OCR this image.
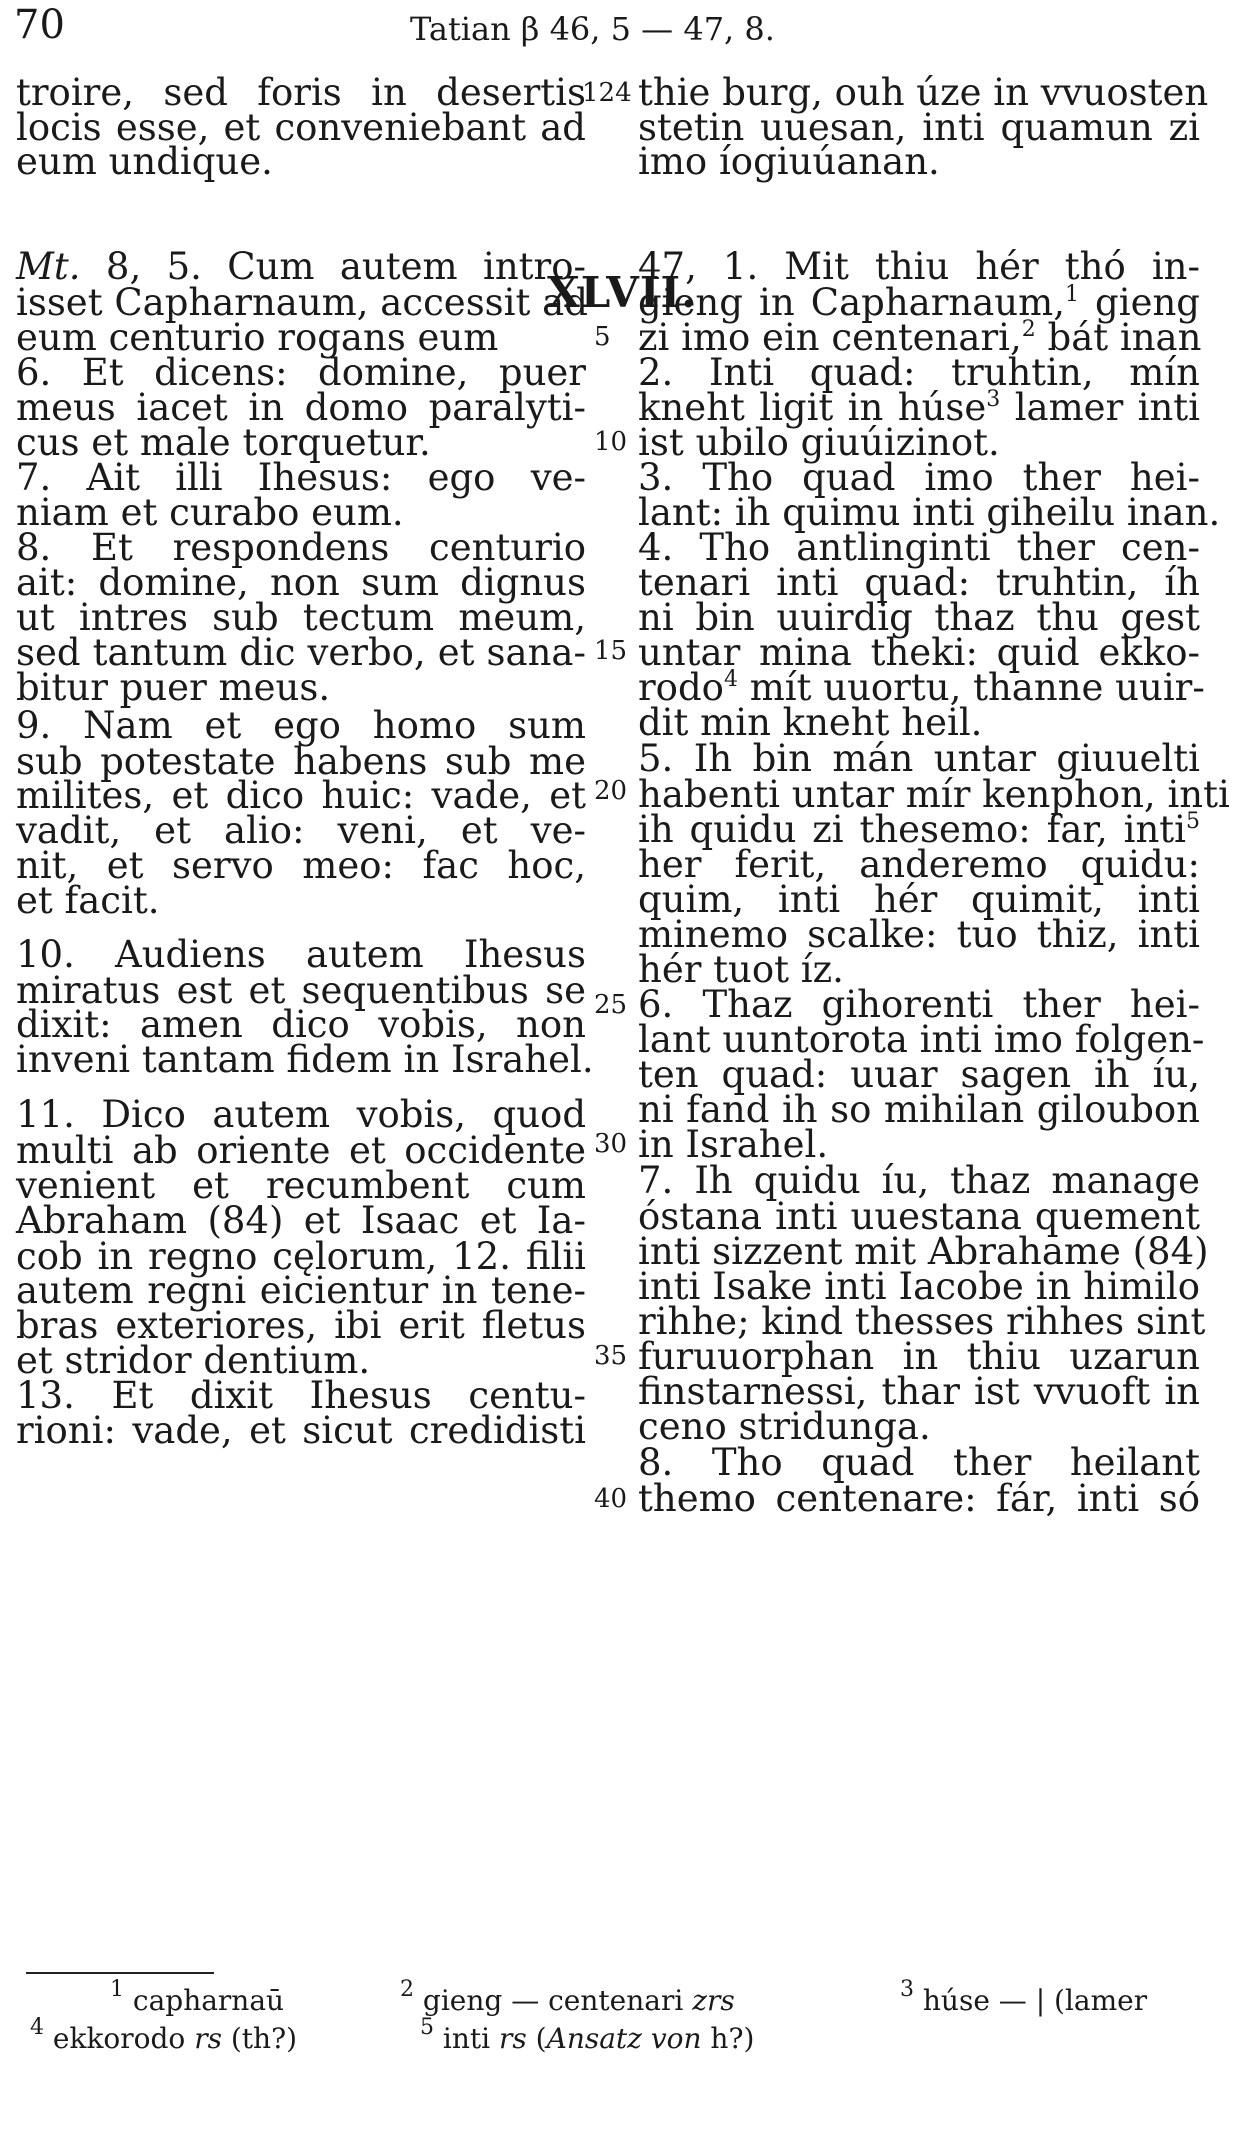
70	Tatian β 46, 5 — 47, 8.
XLVII.
troire, sed foris in desertis
locis esse, et conveniebant ad
eum undique.
Mt. 8, 5. Cum autem intro-
isset Capharnaum, accessit ad
eum centurio rogans eum
6. Et dicens: domine, puer
meus iacet in domo paralyti-
cus et male torquetur.
7. Ait illi Ihesus: ego ve-
niam et curabo eum.
8. Et respondens centurio
ait: domine, non sum dignus
ut intres sub tectum meum,
sed tantum dic verbo, et sana-
bitur puer meus.
9. Nam et ego homo sum
sub potestate habens sub me
milites, et dico huic: vade, et
vadit, et alio: veni, et ve-
nit, et servo meo: fac hoc,
et facit.
10. Audiens autem Ihesus
miratus est et sequentibus se
dixit: amen dico vobis, non
inveni tantam fidem in Israhel.
11. Dico autem vobis, quod
multi ab oriente et occidente
venient et recumbent cum
Abraham (84) et Isaac et Ia-
cob in regno cęlorum, 12. filii
autem regni eicientur in tene-
bras exteriores, ibi erit fletus
et stridor dentium.
13. Et dixit Ihesus centu-
rioni: vade, et sicut credidisti
124
5
10
15
20
25
30
35
40
thie burg, ouh úze in vvuosten
stetin uuesan, inti quamun zi
imo íogiuúanan.
47, 1. Mit thiu hér thó in-
gieng in Capharnaum,$^1$ gieng
zi imo ein centenari,$^2$ bát inan
2. Inti quad: truhtin, mín
kneht ligit in húse$^3$ lamer inti
ist ubilo giuúizinot.
3. Tho quad imo ther hei-
lant: ih quimu inti giheilu inan.
4. Tho antlinginti ther cen-
tenari inti quad: truhtin, íh
ni bin uuirdig thaz thu gest
untar mina theki: quid ekko-
rodo$^4$ mít uuortu, thanne uuir-
dit min kneht heil.
5. Ih bin mán untar giuuelti
habenti untar mír kenphon, inti
ih quidu zi thesemo: far, inti$^5$
her ferit, anderemo quidu:
quim, inti hér quimit, inti
minemo scalke: tuo thiz, inti
hér tuot íz.
6. Thaz gihorenti ther hei-
lant uuntorota inti imo folgen-
ten quad: uuar sagen ih íu,
ni fand ih so mihilan giloubon
in Israhel.
7. Ih quidu íu, thaz manage
óstana inti uuestana quement
inti sizzent mit Abrahame (84)
inti Isake inti Iacobe in himilo
rihhe; kind thesses rihhes sint
furuuorphan in thiu uzarun
finstarnessi, thar ist vvuoft in
ceno stridunga.
8. Tho quad ther heilant
themo centenare: fár, inti só
$^1$ capharnaū	$^2$ gieng — centenari zrs	$^3$ húse — | (lamer
$^4$ ekkorodo rs (th?)	$^5$ inti rs (Ansatz von h?)
